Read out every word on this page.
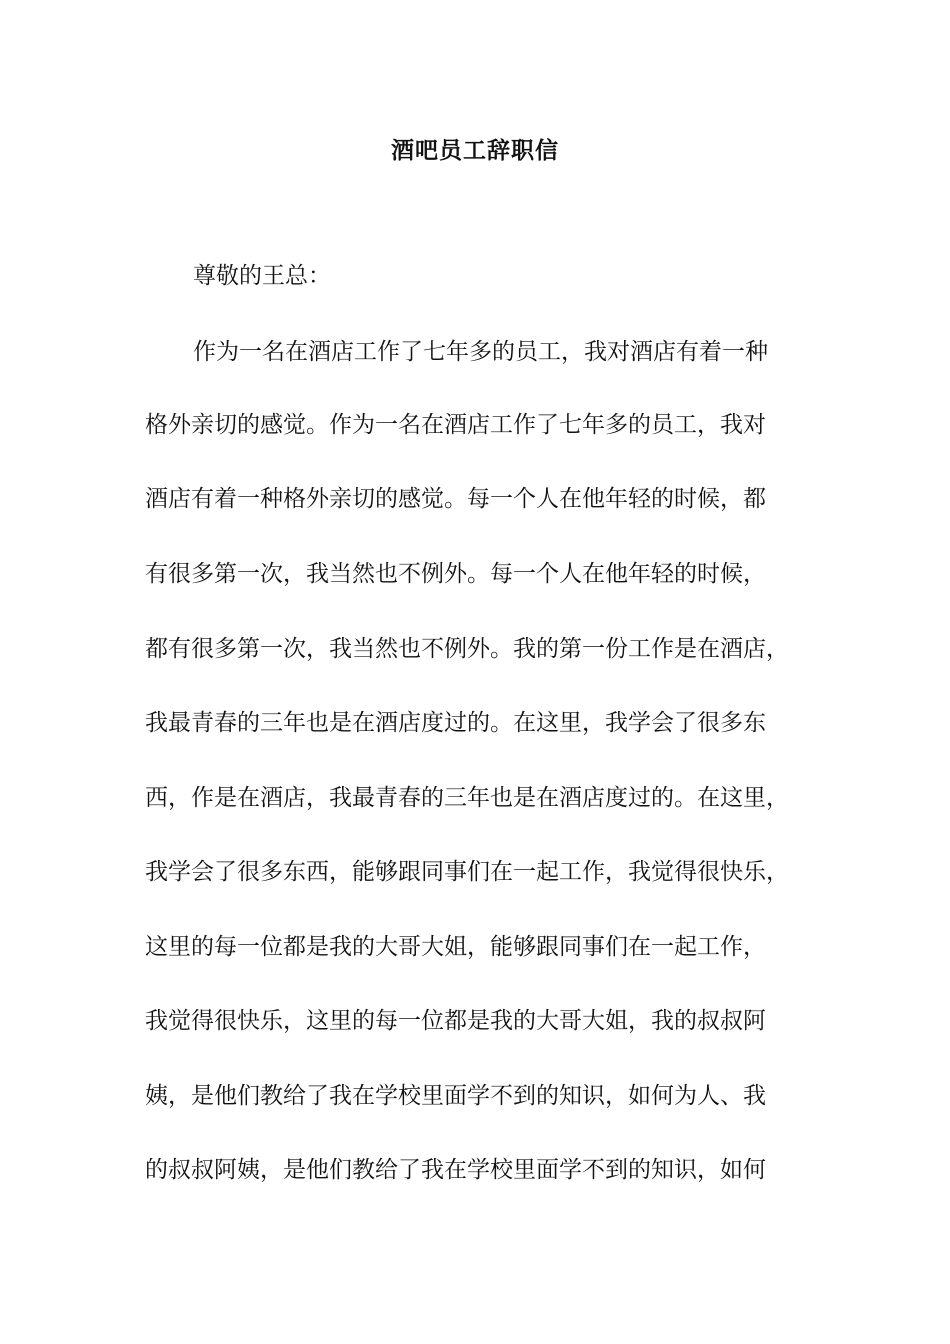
酒吧员工辞职信
尊敬的王总：
作为一名在酒店工作了七年多的员工，我对酒店有着一种
格外亲切的感觉。作为一名在酒店工作了七年多的员工，我对
酒店有着一种格外亲切的感觉。每一个人在他年轻的时候，都
有很多第一次，我当然也不例外。每一个人在他年轻的时候，
都有很多第一次，我当然也不例外。我的第一份工作是在酒店，
我最青春的三年也是在酒店度过的。在这里，我学会了很多东
西，作是在酒店，我最青春的三年也是在酒店度过的。在这里，
我学会了很多东西，能够跟同事们在一起工作，我觉得很快乐，
这里的每一位都是我的大哥大姐，能够跟同事们在一起工作，
我觉得很快乐，这里的每一位都是我的大哥大姐，我的叔叔阿
姨，是他们教给了我在学校里面学不到的知识，如何为人、我
的叔叔阿姨，是他们教给了我在学校里面学不到的知识，如何
